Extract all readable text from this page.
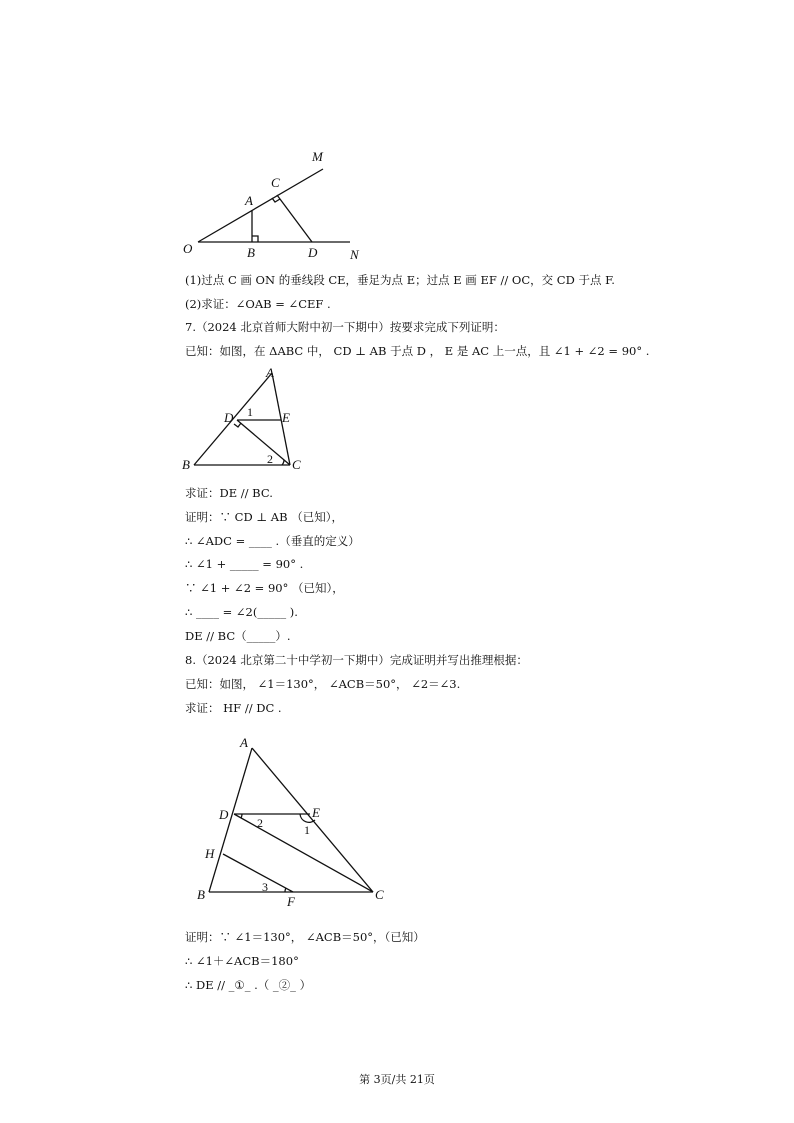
M
C
A
O	B	D	N
(1)过点 C 画 ON 的垂线段 CE，垂足为点 E；过点 E 画 EF // OC，交 CD 于点 F.
(2)求证：∠OAB = ∠CEF .
7.（2024 北京首师大附中初一下期中）按要求完成下列证明：
已知：如图，在 ΔABC 中， CD ⊥ AB 于点 D ， E 是 AC 上一点，且 ∠1 + ∠2 = 90° .
A
D	E
1
2
B	C
求证：DE // BC.
证明：∵ CD ⊥ AB （已知），
∴ ∠ADC = ____ .（垂直的定义）
∴ ∠1 + _____ = 90° .
∵ ∠1 + ∠2 = 90° （已知），
∴ ____ = ∠2(_____ ).
DE // BC（_____）.
8.（2024 北京第二十中学初一下期中）完成证明并写出推理根据：
已知：如图， ∠1＝130°， ∠ACB＝50°， ∠2＝∠3.
求证： HF // DC .
A
D	E
1
2
H
3
B	F	C
证明：∵ ∠1＝130°， ∠ACB＝50°，（已知）
∴ ∠1＋∠ACB＝180°
∴ DE // _①_ .（ _②_ ）
第 3页/共 21页
